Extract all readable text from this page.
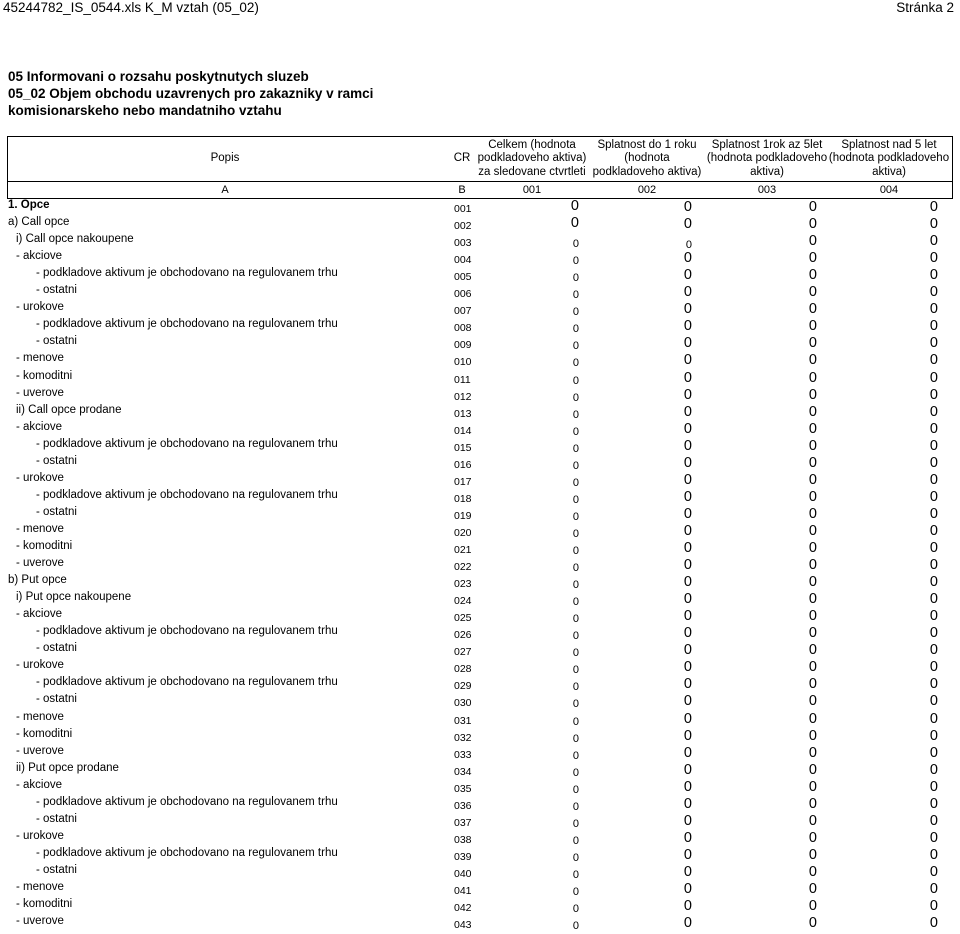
45244782_IS_0544.xls K_M vztah (05_02)	Stránka 2
05 Informovani o rozsahu poskytnutych sluzeb
05_02 Objem obchodu uzavrenych pro zakazniky v ramci
komisionarskeho nebo mandatniho vztahu
Popis	CR
Celkem (hodnota podkladoveho aktiva) za sledovane ctvrtleti
Splatnost do 1 roku (hodnota podkladoveho aktiva)
Splatnost 1rok az 5let (hodnota podkladoveho aktiva)
Splatnost nad 5 let (hodnota podkladoveho aktiva)
A	B	001	002	003	004
1. Opce	001	0	0	0	0
a) Call opce	002	0	0	0	0
i) Call opce nakoupene	003	0	0	0	0
- akciove	004	0	0	0	0
- podkladove aktivum je obchodovano na regulovanem trhu	005	0	0	0	0
- ostatni	006	0	0	0	0
- urokove	007	0	0	0	0
- podkladove aktivum je obchodovano na regulovanem trhu	008	0	0	0	0
- ostatni	009	0	0	0	0
- menove	010	0	0	0	0
- komoditni	011	0	0	0	0
- uverove	012	0	0	0	0
ii) Call opce prodane	013	0	0	0	0
- akciove	014	0	0	0	0
- podkladove aktivum je obchodovano na regulovanem trhu	015	0	0	0	0
- ostatni	016	0	0	0	0
- urokove	017	0	0	0	0
- podkladove aktivum je obchodovano na regulovanem trhu	018	0	0	0	0
- ostatni	019	0	0	0	0
- menove	020	0	0	0	0
- komoditni	021	0	0	0	0
- uverove	022	0	0	0	0
b) Put opce	023	0	0	0	0
i) Put opce nakoupene	024	0	0	0	0
- akciove	025	0	0	0	0
- podkladove aktivum je obchodovano na regulovanem trhu	026	0	0	0	0
- ostatni	027	0	0	0	0
- urokove	028	0	0	0	0
- podkladove aktivum je obchodovano na regulovanem trhu	029	0	0	0	0
- ostatni	030	0	0	0	0
- menove	031	0	0	0	0
- komoditni	032	0	0	0	0
- uverove	033	0	0	0	0
ii) Put opce prodane	034	0	0	0	0
- akciove	035	0	0	0	0
- podkladove aktivum je obchodovano na regulovanem trhu	036	0	0	0	0
- ostatni	037	0	0	0	0
- urokove	038	0	0	0	0
- podkladove aktivum je obchodovano na regulovanem trhu	039	0	0	0	0
- ostatni	040	0	0	0	0
- menove	041	0	0	0	0
- komoditni	042	0	0	0	0
- uverove	043	0	0	0	0
